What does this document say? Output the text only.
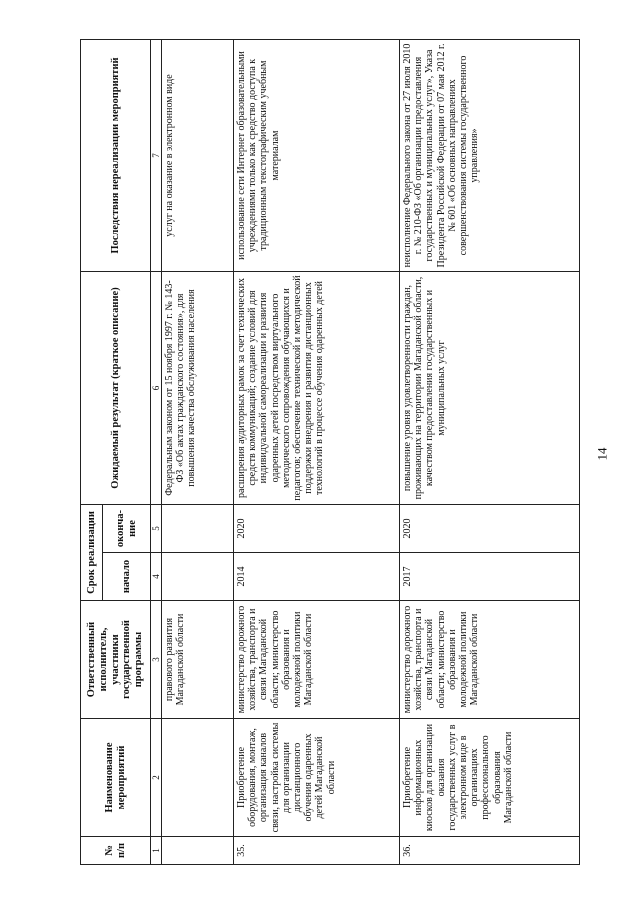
14
№ п/п	Наименование мероприятий	Ответственный исполнитель, участники государственной программы	Срок реализации		Ожидаемый результат (краткое описание)	Последствия нереализации мероприятий
			начало	оконча-ние		
1	2	3	4	5	6	7
		правового развития Магаданской области			Федеральным законом от 15 ноября 1997 г. № 143-ФЗ «Об актах гражданского состояния», для повышения качества обслуживания населения	услуг на оказание в электронном виде
35.	Приобретение оборудования, монтаж, организация каналов связи, настройка системы для организации дистанционного обучения одаренных детей Магаданской области	министерство дорожного хозяйства, транспорта и связи Магаданской области; министерство образования и молодежной политики Магаданской области	2014	2020	расширения аудиторных рамок за счет технических средств коммуникаций; создание условий для индивидуальной самореализации и развития одаренных детей посредством виртуального методического сопровождения обучающихся и педагогов; обеспечение технической и методической поддержки внедрения и развития дистанционных технологий в процессе обучения одаренных детей	использование сети Интернет образовательными учреждениями только как средство доступа к традиционным текстографическим учебным материалам
36.	Приобретение информационных киосков для организации оказания государственных услуг в электронном виде в организациях профессионального образования Магаданской области	министерство дорожного хозяйства, транспорта и связи Магаданской области; министерство образования и молодежной политики Магаданской области	2017	2020	повышение уровня удовлетворенности граждан, проживающих на территории Магаданской области, качеством предоставления государственных и муниципальных услуг	неисполнение Федерального закона от 27 июля 2010 г. № 210-ФЗ «Об организации предоставления государственных и муниципальных услуг», Указа Президента Российской Федерации от 07 мая 2012 г. № 601 «Об основных направлениях совершенствования системы государственного управления»
